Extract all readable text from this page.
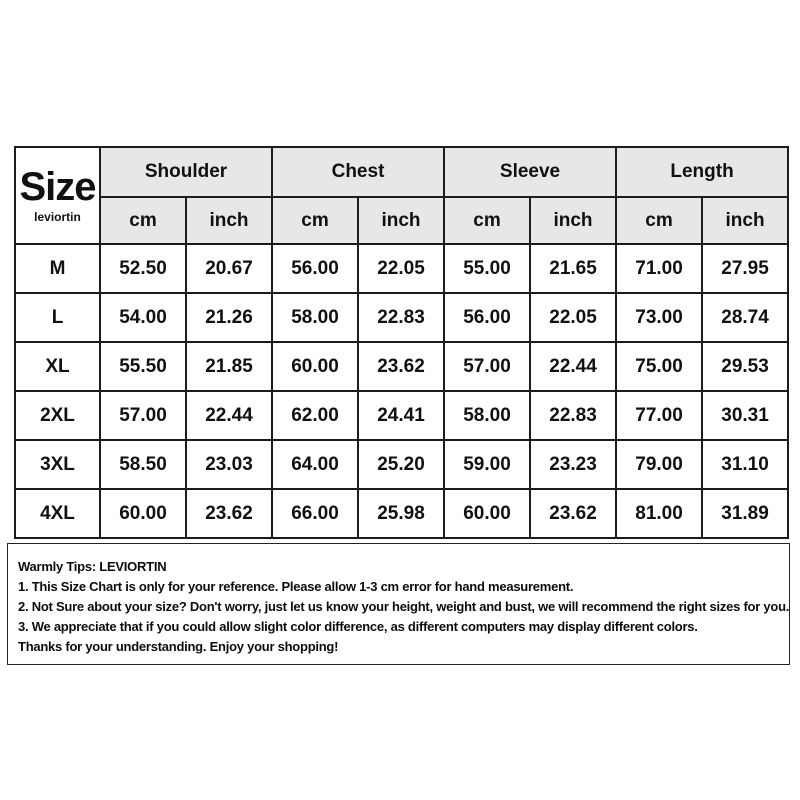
Size
leviortin	Shoulder		Chest		Sleeve		Length	
	cm	inch	cm	inch	cm	inch	cm	inch
M	52.50	20.67	56.00	22.05	55.00	21.65	71.00	27.95
L	54.00	21.26	58.00	22.83	56.00	22.05	73.00	28.74
XL	55.50	21.85	60.00	23.62	57.00	22.44	75.00	29.53
2XL	57.00	22.44	62.00	24.41	58.00	22.83	77.00	30.31
3XL	58.50	23.03	64.00	25.20	59.00	23.23	79.00	31.10
4XL	60.00	23.62	66.00	25.98	60.00	23.62	81.00	31.89
Warmly Tips: LEVIORTIN
1. This Size Chart is only for your reference. Please allow 1-3 cm error for hand measurement.
2. Not Sure about your size? Don't worry, just let us know your height, weight and bust, we will recommend the right sizes for you.
3. We appreciate that if you could allow slight color difference, as different computers may display different colors.
Thanks for your understanding. Enjoy your shopping!
